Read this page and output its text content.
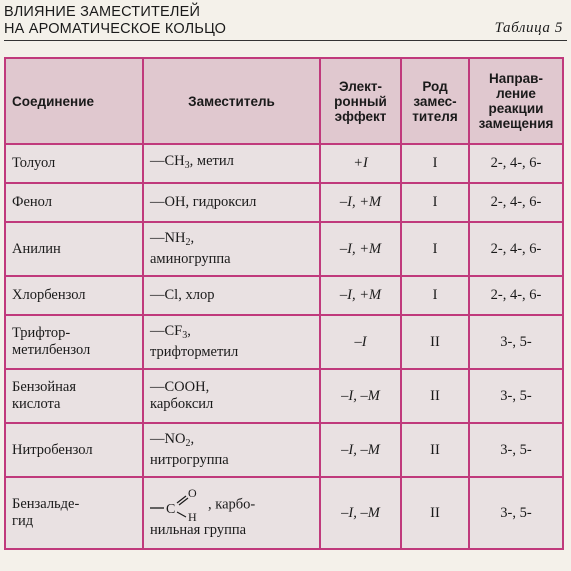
ВЛИЯНИЕ ЗАМЕСТИТЕЛЕЙ
НА АРОМАТИЧЕСКОЕ КОЛЬЦО	Таблица 5
Соединение	Заместитель	Элект-
ронный
эффект	Род
замес-
тителя	Направ-
ление
реакции
замещения

Толуол	$—CH_3$, метил	+I	I	2-, 4-, 6-

Фенол	—OH, гидроксил	–I, +M	I	2-, 4-, 6-

Анилин	$—NH_2$,
аминогруппа	–I, +M	I	2-, 4-, 6-

Хлорбензол	—Cl, хлор	–I, +M	I	2-, 4-, 6-

Трифтор-
метилбензол	$—CF_3$,
трифторметил	–I	II	3-, 5-

Бензойная
кислота	—COOH,
карбоксил	–I, –M	II	3-, 5-

Нитробензол	$—NO_2$,
нитрогруппа	–I, –M	II	3-, 5-

Бензальде-
гид	C
O
H
, карбо-
нильная группа	–I, –M	II	3-, 5-
